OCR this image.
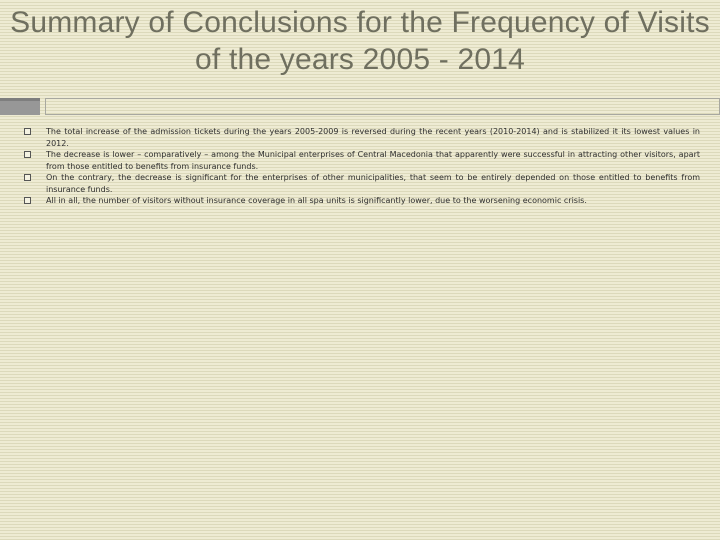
Summary of Conclusions for the Frequency of Visits of the years 2005 - 2014
The total increase of the admission tickets during the years 2005-2009 is reversed during the recent years (2010-2014) and is stabilized it its lowest values in 2012.
The decrease is lower – comparatively – among the Municipal enterprises of Central Macedonia that apparently were successful in attracting other visitors, apart from those entitled to benefits from insurance funds.
On the contrary, the decrease is significant for the enterprises of other municipalities, that seem to be entirely depended on those entitled to benefits from insurance funds.
All in all, the number of visitors without insurance coverage in all spa units is significantly lower, due to the worsening economic crisis.
